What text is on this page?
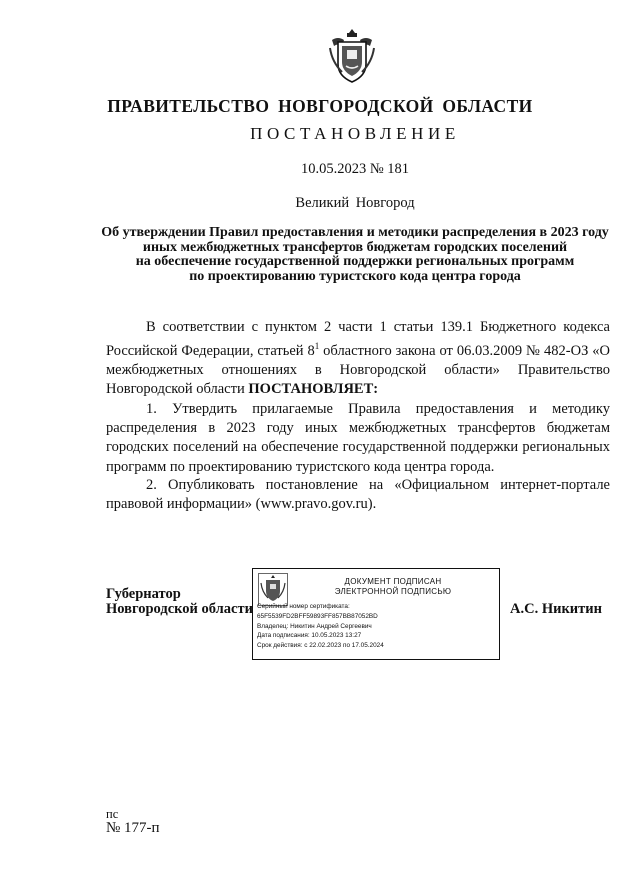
ПРАВИТЕЛЬСТВО НОВГОРОДСКОЙ ОБЛАСТИ
ПОСТАНОВЛЕНИЕ
10.05.2023 № 181
Великий Новгород
Об утверждении Правил предоставления и методики распределения в 2023 году
иных межбюджетных трансфертов бюджетам городских поселений
на обеспечение государственной поддержки региональных программ
по проектированию туристского кода центра города
В соответствии с пунктом 2 части 1 статьи 139.1 Бюджетного кодекса Российской Федерации, статьей $8^1$ областного закона от 06.03.2009 № 482-ОЗ «О межбюджетных отношениях в Новгородской области» Правительство Новгородской области ПОСТАНОВЛЯЕТ:
1. Утвердить прилагаемые Правила предоставления и методику распределения в 2023 году иных межбюджетных трансфертов бюджетам городских поселений на обеспечение государственной поддержки региональных программ по проектированию туристского кода центра города.
2. Опубликовать постановление на «Официальном интернет-портале правовой информации» (www.pravo.gov.ru).
Губернатор
Новгородской области
ДОКУМЕНТ ПОДПИСАН
ЭЛЕКТРОННОЙ ПОДПИСЬЮ
Серийный номер сертификата:
65F5539FD2BFF59893FF857BB87052BD
Владелец: Никитин Андрей Сергеевич
Дата подписания: 10.05.2023 13:27
Срок действия: с 22.02.2023 по 17.05.2024
А.С. Никитин
пс
№ 177-п
